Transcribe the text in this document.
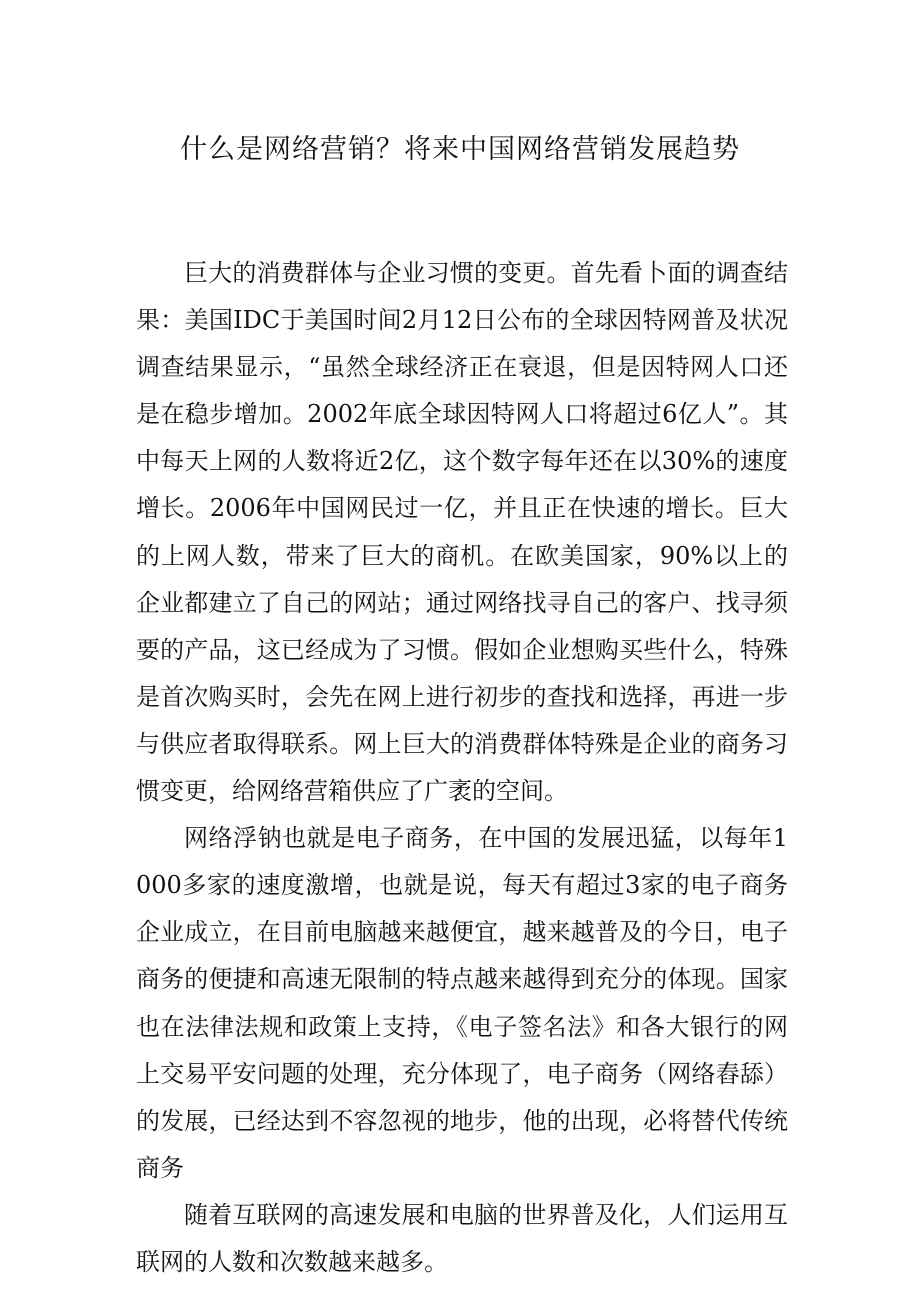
什么是网络营销？将来中国网络营销发展趋势

巨大的消费群体与企业习惯的变更。首先看卜面的调查结果：美国IDC于美国时间2月12日公布的全球因特网普及状况调查结果显示，“虽然全球经济正在衰退，但是因特网人口还是在稳步增加。2002年底全球因特网人口将超过6亿人”。其中每天上网的人数将近2亿，这个数字每年还在以30%的速度增长。2006年中国网民过一亿，并且正在快速的增长。巨大的上网人数，带来了巨大的商机。在欧美国家，90%以上的企业都建立了自己的网站；通过网络找寻自己的客户、找寻须要的产品，这已经成为了习惯。假如企业想购买些什么，特殊是首次购买时，会先在网上进行初步的查找和选择，再进一步与供应者取得联系。网上巨大的消费群体特殊是企业的商务习惯变更，给网络营箱供应了广袤的空间。

网络浮钠也就是电子商务，在中国的发展迅猛，以每年1000多家的速度激增，也就是说，每天有超过3家的电子商务企业成立，在目前电脑越来越便宜，越来越普及的今日，电子商务的便捷和高速无限制的特点越来越得到充分的体现。国家也在法律法规和政策上支持，《电子签名法》和各大银行的网上交易平安问题的处理，充分体现了，电子商务（网络舂舔）的发展，已经达到不容忽视的地步，他的出现，必将替代传统商务

随着互联网的高速发展和电脑的世界普及化，人们运用互联网的人数和次数越来越多。
